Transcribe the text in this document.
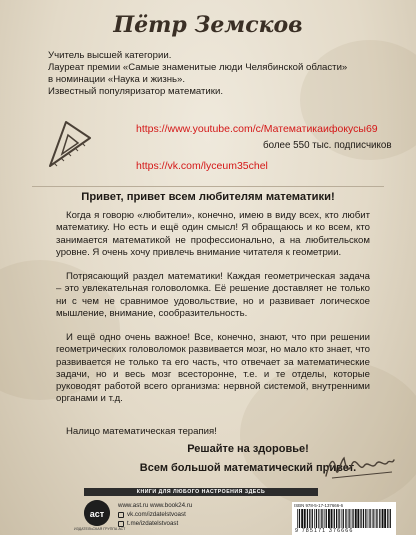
Пётр Земсков
Учитель высшей категории.
Лауреат премии «Самые знаменитые люди Челябинской области»
в номинации «Наука и жизнь».
Известный популяризатор математики.
https://www.youtube.com/c/Математикаифокусы69
более 550 тыс. подписчиков
https://vk.com/lyceum35chel
Привет, привет всем любителям математики!
Когда я говорю «любители», конечно, имею в виду всех, кто любит математику. Но есть и ещё один смысл! Я обращаюсь и ко всем, кто занимается математикой не профессионально, а на любительском уровне. Я очень хочу привлечь внимание читателя к геометрии.
Потрясающий раздел математики! Каждая геометрическая задача – это увлекательная головоломка. Её решение доставляет не только ни с чем не сравнимое удовольствие, но и развивает логическое мышление, внимание, сообразительность.
И ещё одно очень важное! Все, конечно, знают, что при решении геометрических головоломок развивается мозг, но мало кто знает, что развивается не только та его часть, что отвечает за математические задачи, но и весь мозг всесторонне, т.е. и те отделы, которые руководят работой всего организма: нервной системой, внутренними органами и т.д.
Налицо математическая терапия!
Решайте на здоровье!
Всем большой математический привет.
КНИГИ ДЛЯ ЛЮБОГО НАСТРОЕНИЯ ЗДЕСЬ
аст
ИЗДАТЕЛЬСКАЯ ГРУППА АСТ
www.ast.ru www.book24.ru
vk.com/izdatelstvoast
t.me/izdatelstvoast
ISBN 978-5-17-137666-6
9 785171 376666
